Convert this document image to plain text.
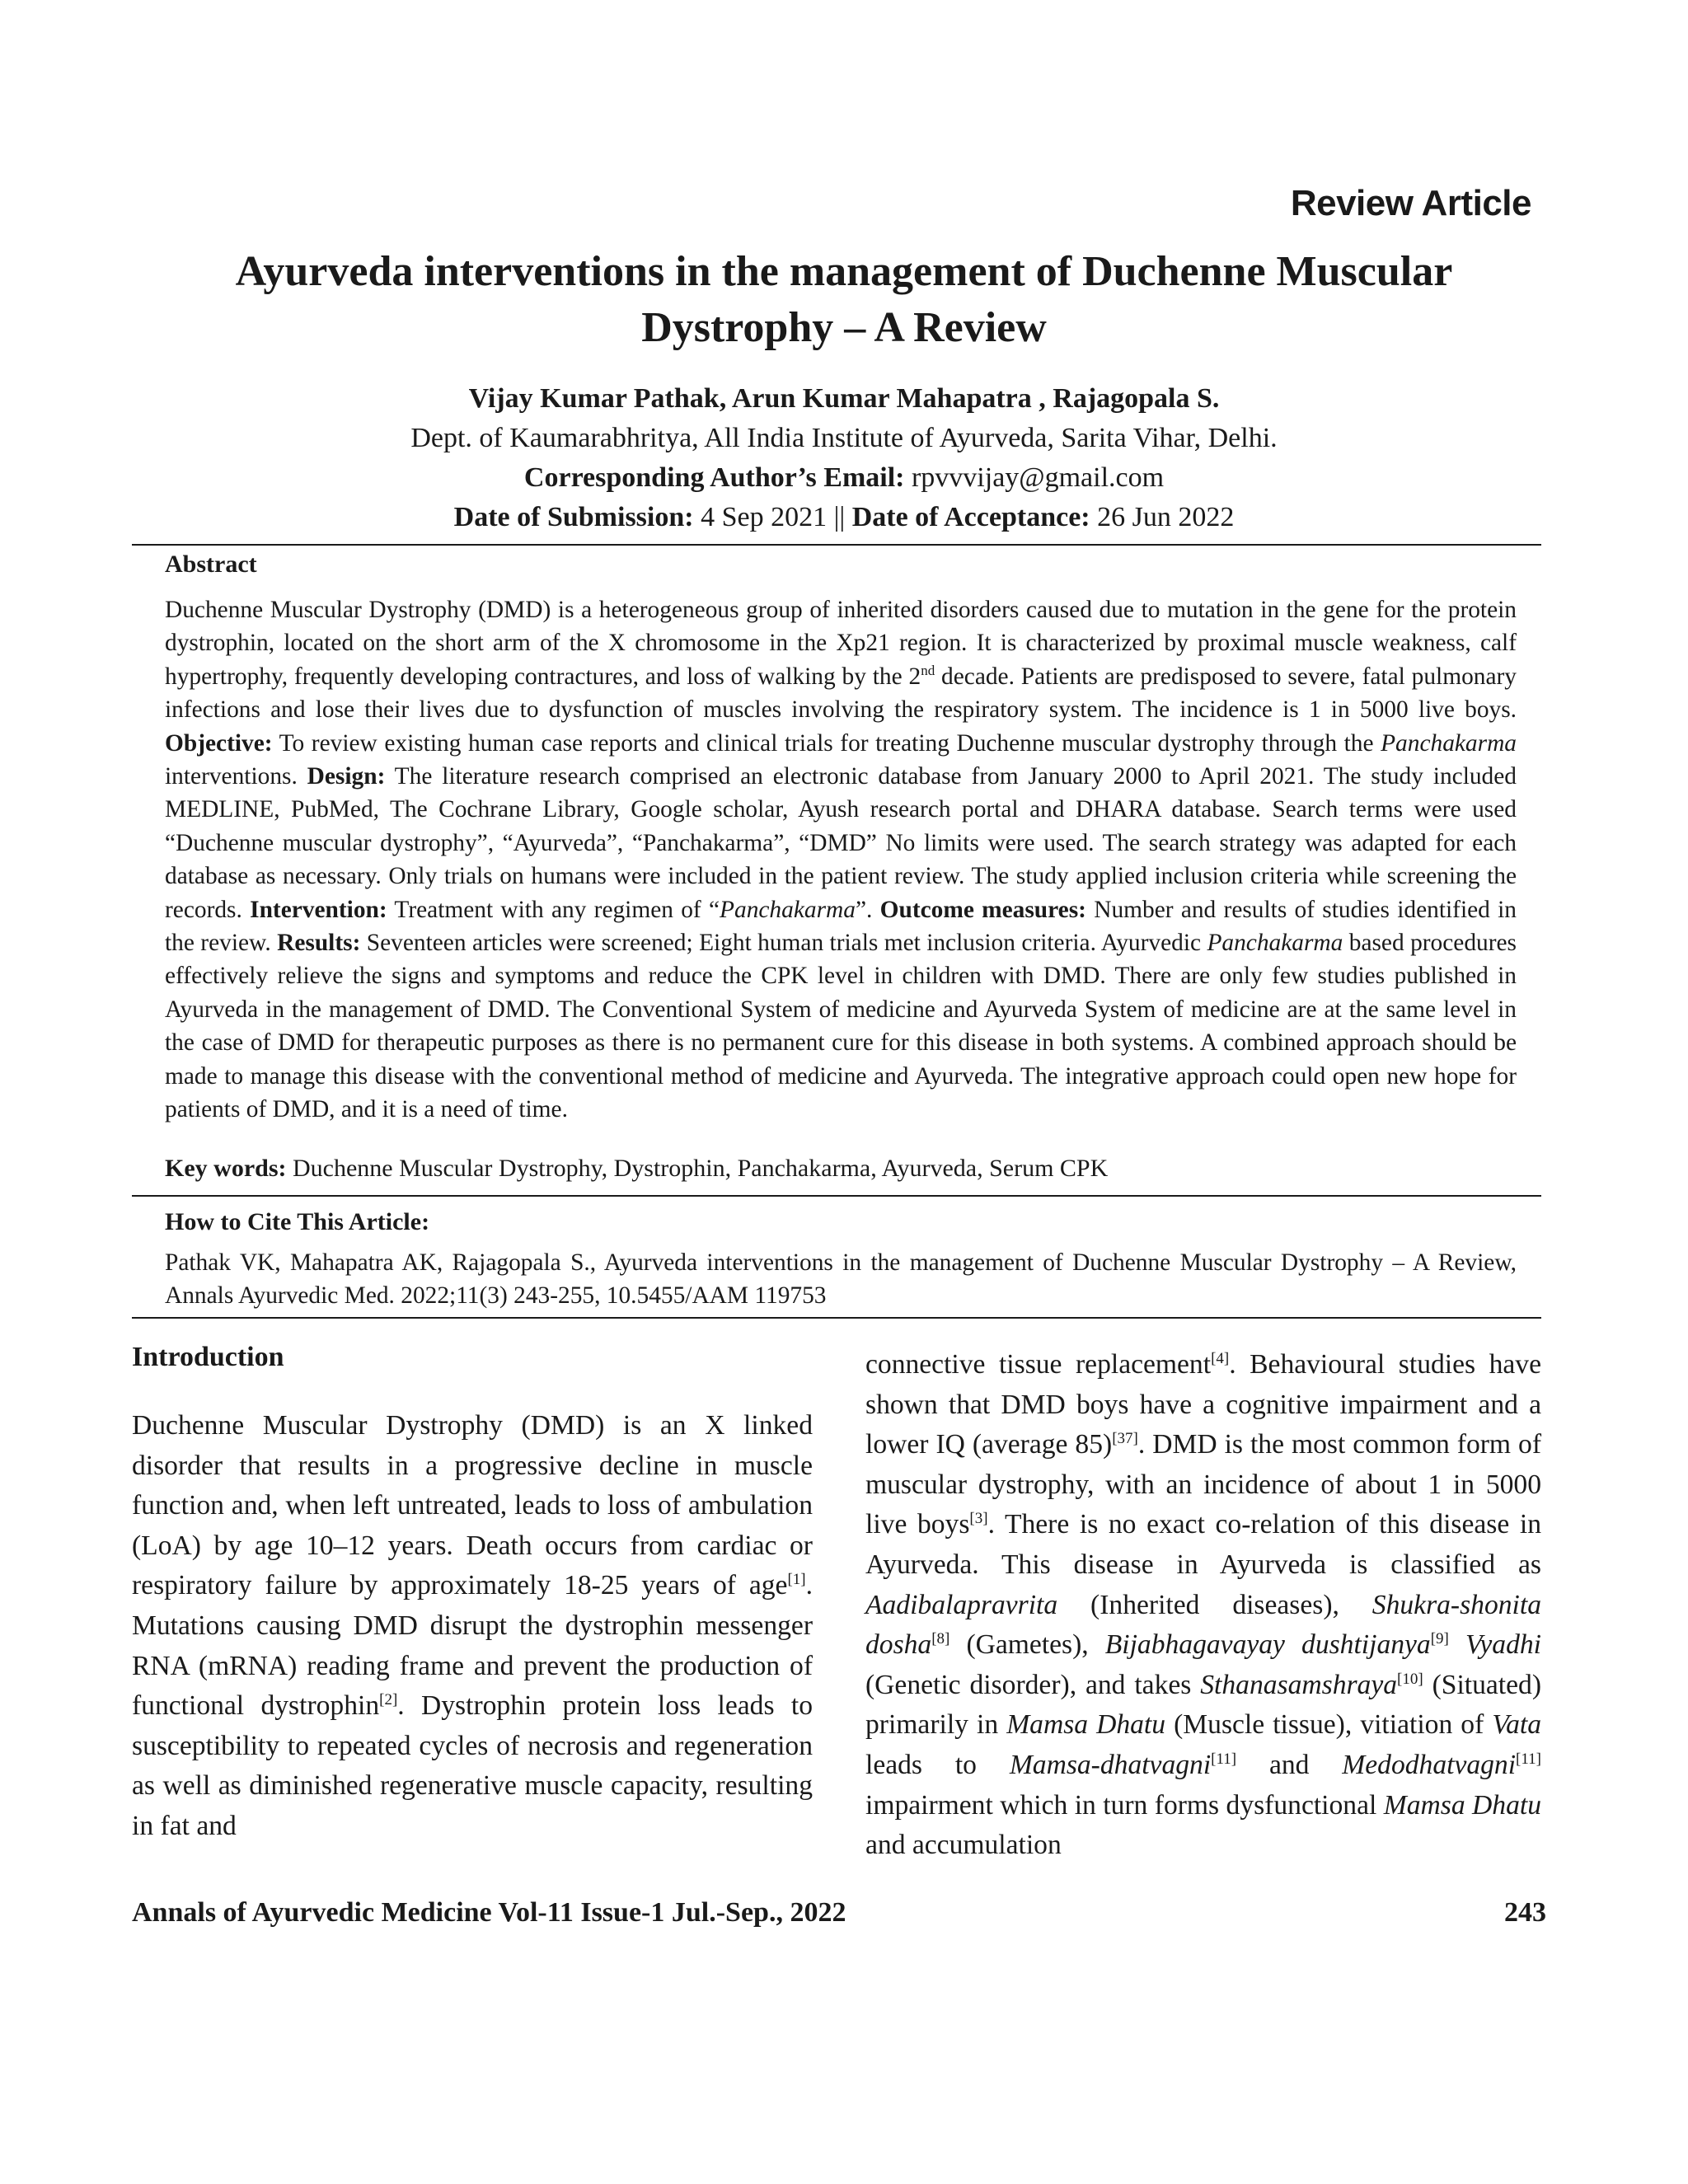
Review Article
Ayurveda interventions in the management of Duchenne Muscular Dystrophy – A Review
Vijay Kumar Pathak, Arun Kumar Mahapatra , Rajagopala S.
Dept. of Kaumarabhritya, All India Institute of Ayurveda, Sarita Vihar, Delhi.
Corresponding Author’s Email: rpvvvijay@gmail.com
Date of Submission: 4 Sep 2021 || Date of Acceptance: 26 Jun 2022
Abstract

Duchenne Muscular Dystrophy (DMD) is a heterogeneous group of inherited disorders caused due to mutation in the gene for the protein dystrophin, located on the short arm of the X chromosome in the Xp21 region. It is characterized by proximal muscle weakness, calf hypertrophy, frequently developing contractures, and loss of walking by the 2nd decade. Patients are predisposed to severe, fatal pulmonary infections and lose their lives due to dysfunction of muscles involving the respiratory system. The incidence is 1 in 5000 live boys. Objective: To review existing human case reports and clinical trials for treating Duchenne muscular dystrophy through the Panchakarma interventions. Design: The literature research comprised an electronic database from January 2000 to April 2021. The study included MEDLINE, PubMed, The Cochrane Library, Google scholar, Ayush research portal and DHARA database. Search terms were used “Duchenne muscular dystrophy”, “Ayurveda”, “Panchakarma”, “DMD” No limits were used. The search strategy was adapted for each database as necessary. Only trials on humans were included in the patient review. The study applied inclusion criteria while screening the records. Intervention: Treatment with any regimen of “Panchakarma”. Outcome measures: Number and results of studies identified in the review. Results: Seventeen articles were screened; Eight human trials met inclusion criteria. Ayurvedic Panchakarma based procedures effectively relieve the signs and symptoms and reduce the CPK level in children with DMD. There are only few studies published in Ayurveda in the management of DMD. The Conventional System of medicine and Ayurveda System of medicine are at the same level in the case of DMD for therapeutic purposes as there is no permanent cure for this disease in both systems. A combined approach should be made to manage this disease with the conventional method of medicine and Ayurveda. The integrative approach could open new hope for patients of DMD, and it is a need of time.

Key words: Duchenne Muscular Dystrophy, Dystrophin, Panchakarma, Ayurveda, Serum CPK

How to Cite This Article:

Pathak VK, Mahapatra AK, Rajagopala S., Ayurveda interventions in the management of Duchenne Muscular Dystrophy – A Review, Annals Ayurvedic Med. 2022;11(3) 243-255, 10.5455/AAM 119753

Introduction

Duchenne Muscular Dystrophy (DMD) is an X linked disorder that results in a progressive decline in muscle function and, when left untreated, leads to loss of ambulation (LoA) by age 10–12 years. Death occurs from cardiac or respiratory failure by approximately 18-25 years of age[1]. Mutations causing DMD disrupt the dystrophin messenger RNA (mRNA) reading frame and prevent the production of functional dystrophin[2]. Dystrophin protein loss leads to susceptibility to repeated cycles of necrosis and regeneration as well as diminished regenerative muscle capacity, resulting in fat and

connective tissue replacement[4]. Behavioural studies have shown that DMD boys have a cognitive impairment and a lower IQ (average 85)[37]. DMD is the most common form of muscular dystrophy, with an incidence of about 1 in 5000 live boys[3]. There is no exact co-relation of this disease in Ayurveda. This disease in Ayurveda is classified as Aadibalapravrita (Inherited diseases), Shukra-shonita dosha[8] (Gametes), Bijabhagavayay dushtijanya[9] Vyadhi (Genetic disorder), and takes Sthanasamshraya[10] (Situated) primarily in Mamsa Dhatu (Muscle tissue), vitiation of Vata leads to Mamsa-dhatvagni[11] and Medodhatvagni[11] impairment which in turn forms dysfunctional Mamsa Dhatu and accumulation

Annals of Ayurvedic Medicine Vol-11 Issue-1 Jul.-Sep., 2022	243
